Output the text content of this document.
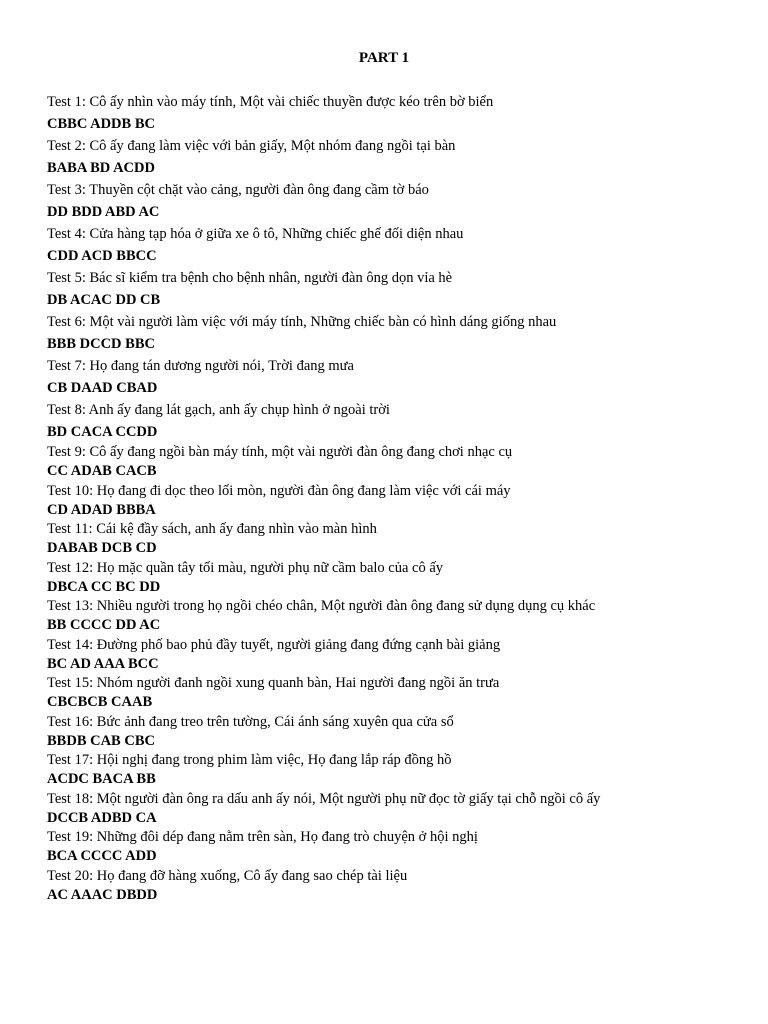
PART 1
Test 1: Cô ấy nhìn vào máy tính, Một vài chiếc thuyền được kéo trên bờ biển
CBBC ADDB BC
Test 2: Cô ấy đang làm việc với bản giấy, Một nhóm đang ngồi tại bàn
BABA BD ACDD
Test 3: Thuyền cột chặt vào cảng, người đàn ông đang cầm tờ báo
DD BDD ABD AC
Test 4: Cửa hàng tạp hóa ở giữa xe ô tô, Những chiếc ghế đối diện nhau
CDD ACD BBCC
Test 5: Bác sĩ kiểm tra bệnh cho bệnh nhân, người đàn ông dọn vỉa hè
DB ACAC DD CB
Test 6: Một vài người làm việc với máy tính, Những chiếc bàn có hình dáng giống nhau
BBB DCCD BBC
Test 7: Họ đang tán dương người nói, Trời đang mưa
CB DAAD CBAD
Test 8: Anh ấy đang lát gạch, anh ấy chụp hình ở ngoài trời
BD CACA CCDD
Test 9: Cô ấy đang ngồi bàn máy tính, một vài người đàn ông đang chơi nhạc cụ
CC ADAB CACB
Test 10: Họ đang đi dọc theo lối mòn, người đàn ông đang làm việc với cái máy
CD ADAD BBBA
Test 11: Cái kệ đầy sách, anh ấy đang nhìn vào màn hình
DABAB DCB CD
Test 12: Họ mặc quần tây tối màu, người phụ nữ cầm balo của cô ấy
DBCA CC BC DD
Test 13: Nhiều người trong họ ngồi chéo chân, Một người đàn ông đang sử dụng dụng cụ khác
BB CCCC DD AC
Test 14: Đường phố bao phủ đầy tuyết, người giảng đang đứng cạnh bài giảng
BC AD AAA BCC
Test 15: Nhóm người đanh ngồi xung quanh bàn, Hai người đang ngồi ăn trưa
CBCBCB CAAB
Test 16: Bức ảnh đang treo trên tường, Cái ánh sáng xuyên qua cửa sổ
BBDB CAB CBC
Test 17: Hội nghị đang trong phim làm việc, Họ đang lắp ráp đồng hồ
ACDC BACA BB
Test 18: Một người đàn ông ra dấu anh ấy nói, Một người phụ nữ đọc tờ giấy tại chỗ ngồi cô ấy
DCCB ADBD CA
Test 19: Những đôi dép đang nằm trên sàn, Họ đang trò chuyện ở hội nghị
BCA CCCC ADD
Test 20: Họ đang đỡ hàng xuống, Cô ấy đang sao chép tài liệu
AC AAAC DBDD
